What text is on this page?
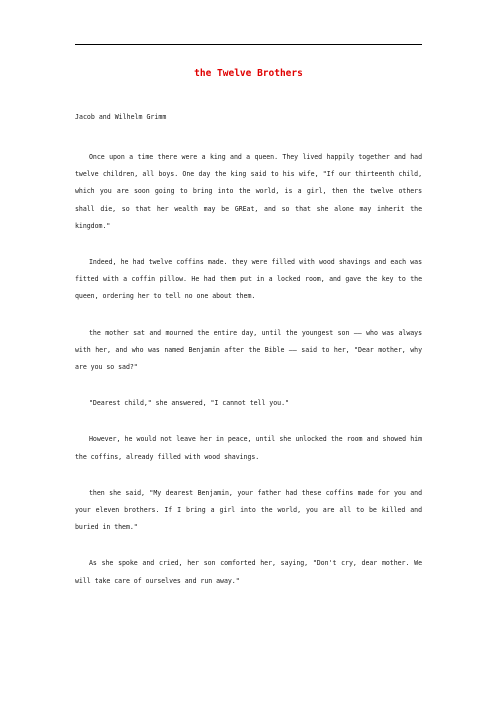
the Twelve Brothers
Jacob and Wilhelm Grimm

Once upon a time there were a king and a queen. They lived happily together and had twelve children, all boys. One day the king said to his wife, "If our thirteenth child, which you are soon going to bring into the world, is a girl, then the twelve others shall die, so that her wealth may be GREat, and so that she alone may inherit the kingdom."

Indeed, he had twelve coffins made. they were filled with wood shavings and each was fitted with a coffin pillow. He had them put in a locked room, and gave the key to the queen, ordering her to tell no one about them.

the mother sat and mourned the entire day, until the youngest son —— who was always with her, and who was named Benjamin after the Bible —— said to her, "Dear mother, why are you so sad?"

"Dearest child," she answered, "I cannot tell you."

However, he would not leave her in peace, until she unlocked the room and showed him the coffins, already filled with wood shavings.

then she said, "My dearest Benjamin, your father had these coffins made for you and your eleven brothers. If I bring a girl into the world, you are all to be killed and buried in them."

As she spoke and cried, her son comforted her, saying, "Don't cry, dear mother. We will take care of ourselves and run away."
